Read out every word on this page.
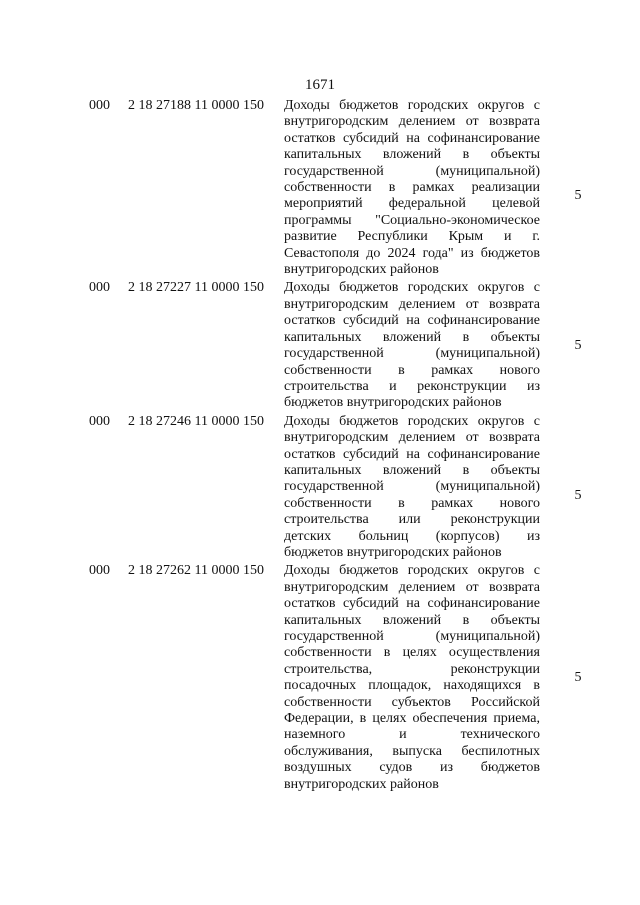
1671
000 2 18 27188 11 0000 150 Доходы бюджетов городских округов с
внутригородским делением от возврата
остатков субсидий на софинансирование
капитальных вложений в объекты
государственной (муниципальной)
собственности в рамках реализации
мероприятий федеральной целевой
программы "Социально-экономическое
развитие Республики Крым и г.
Севастополя до 2024 года" из бюджетов
внутригородских районов
5
000 2 18 27227 11 0000 150 Доходы бюджетов городских округов с
внутригородским делением от возврата
остатков субсидий на софинансирование
капитальных вложений в объекты
государственной (муниципальной)
собственности в рамках нового
строительства и реконструкции из
бюджетов внутригородских районов
5
000 2 18 27246 11 0000 150 Доходы бюджетов городских округов с
внутригородским делением от возврата
остатков субсидий на софинансирование
капитальных вложений в объекты
государственной (муниципальной)
собственности в рамках нового
строительства или реконструкции
детских больниц (корпусов) из
бюджетов внутригородских районов
5
000 2 18 27262 11 0000 150 Доходы бюджетов городских округов с
внутригородским делением от возврата
остатков субсидий на софинансирование
капитальных вложений в объекты
государственной (муниципальной)
собственности в целях осуществления
строительства, реконструкции
посадочных площадок, находящихся в
собственности субъектов Российской
Федерации, в целях обеспечения приема,
наземного и технического
обслуживания, выпуска беспилотных
воздушных судов из бюджетов
внутригородских районов
5
